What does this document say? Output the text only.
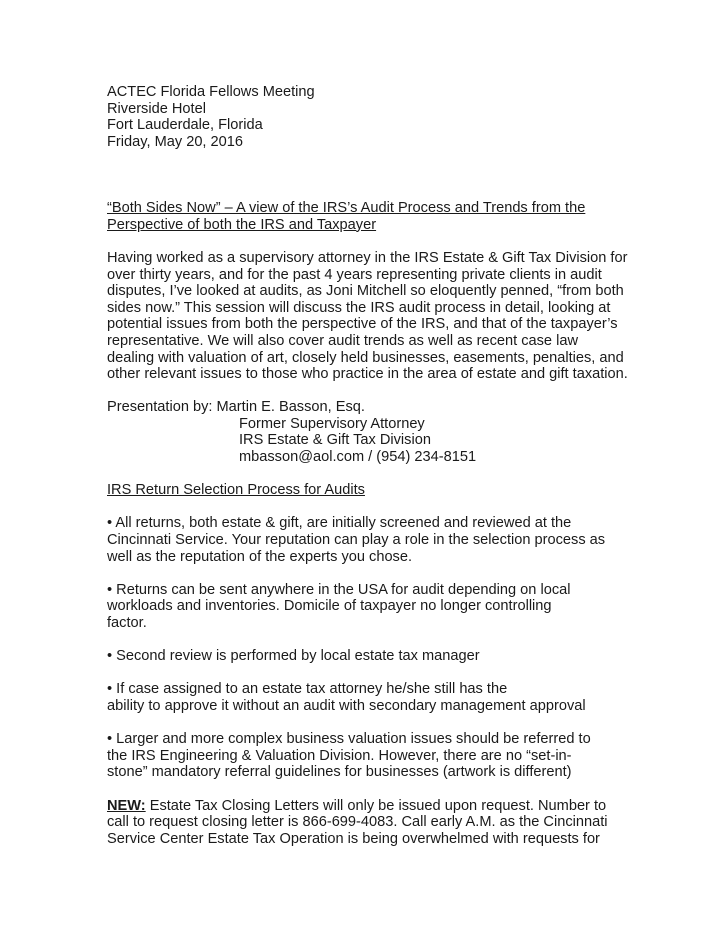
ACTEC Florida Fellows Meeting
Riverside Hotel
Fort Lauderdale, Florida
Friday, May 20, 2016

“Both Sides Now” – A view of the IRS’s Audit Process and Trends from the
Perspective of both the IRS and Taxpayer

Having worked as a supervisory attorney in the IRS Estate & Gift Tax Division for
over thirty years, and for the past 4 years representing private clients in audit
disputes, I’ve looked at audits, as Joni Mitchell so eloquently penned, “from both
sides now.” This session will discuss the IRS audit process in detail, looking at
potential issues from both the perspective of the IRS, and that of the taxpayer’s
representative. We will also cover audit trends as well as recent case law
dealing with valuation of art, closely held businesses, easements, penalties, and
other relevant issues to those who practice in the area of estate and gift taxation.

Presentation by: Martin E. Basson, Esq.
Former Supervisory Attorney
IRS Estate & Gift Tax Division
mbasson@aol.com / (954) 234-8151

IRS Return Selection Process for Audits

• All returns, both estate & gift, are initially screened and reviewed at the
Cincinnati Service. Your reputation can play a role in the selection process as
well as the reputation of the experts you chose.

• Returns can be sent anywhere in the USA for audit depending on local
workloads and inventories. Domicile of taxpayer no longer controlling
factor.

• Second review is performed by local estate tax manager

• If case assigned to an estate tax attorney he/she still has the
ability to approve it without an audit with secondary management approval

• Larger and more complex business valuation issues should be referred to
the IRS Engineering & Valuation Division. However, there are no “set-in-
stone” mandatory referral guidelines for businesses (artwork is different)

NEW: Estate Tax Closing Letters will only be issued upon request. Number to
call to request closing letter is 866-699-4083. Call early A.M. as the Cincinnati
Service Center Estate Tax Operation is being overwhelmed with requests for
